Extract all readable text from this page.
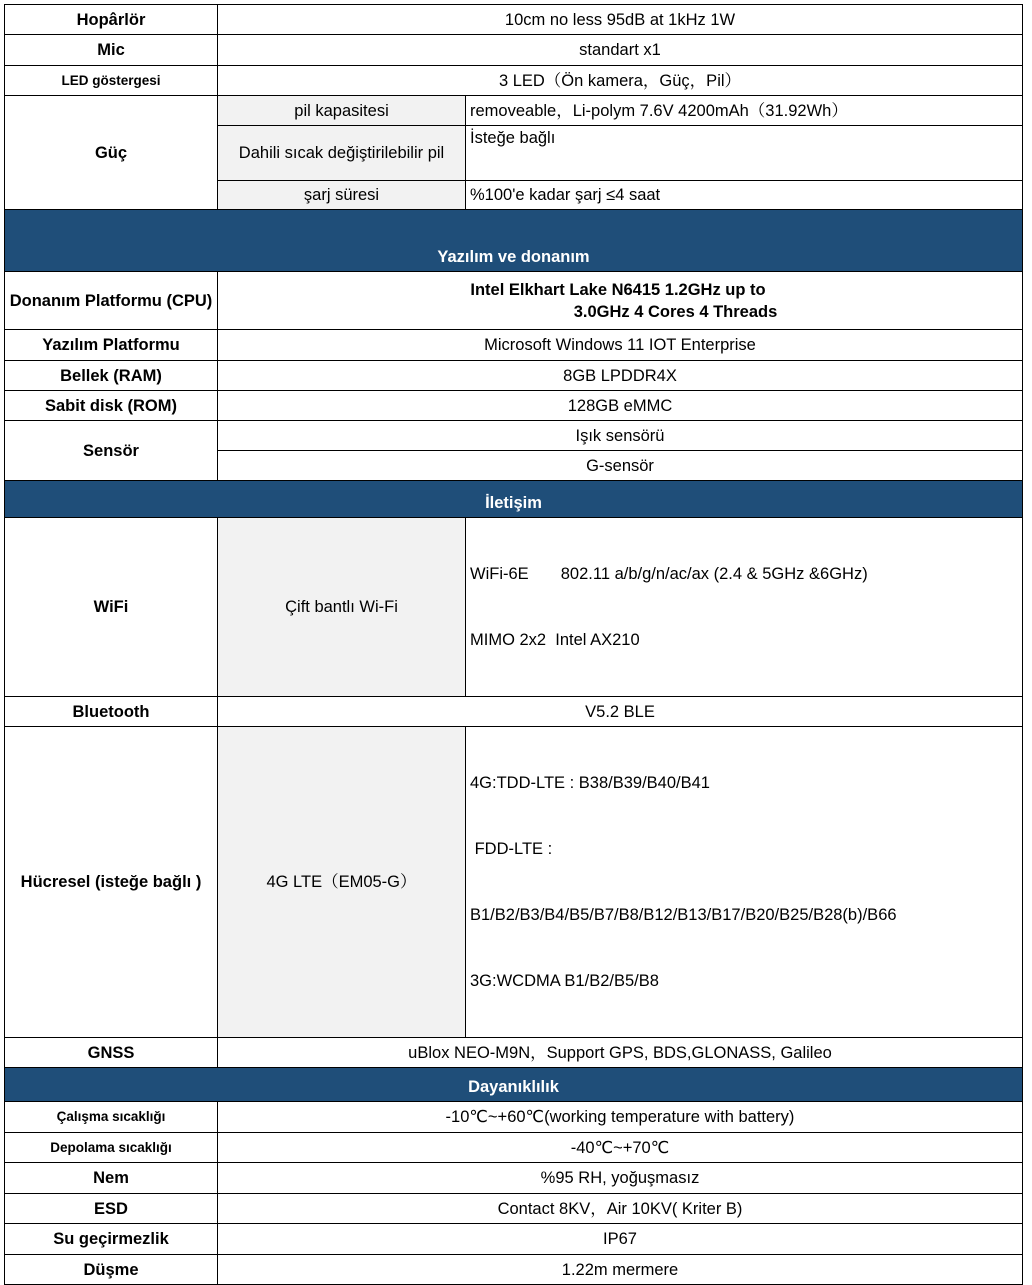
Hopârlör	10cm no less 95dB at 1kHz 1W	
Mic	standart x1	
LED göstergesi	3 LED（Ön kamera，Güç，Pil）	
Güç	pil kapasitesi	removeable，Li-polym 7.6V 4200mAh（31.92Wh）
	Dahili sıcak değiştirilebilir pil	İsteğe bağlı
	şarj süresi	%100'e kadar şarj ≤4 saat
Yazılım ve donanım		
Donanım Platformu (CPU)	Intel Elkhart Lake N6415 1.2GHz up to
3.0GHz 4 Cores 4 Threads	

Yazılım Platformu	Microsoft Windows 11 IOT Enterprise	
Bellek (RAM)	8GB LPDDR4X	
Sabit disk (ROM)	128GB eMMC	
Sensör	Işık sensörü	
	G-sensör	
İletişim		
WiFi	Çift bantlı Wi-Fi	WiFi-6E       802.11 a/b/g/n/ac/ax (2.4 & 5GHz &6GHz)

MIMO 2x2  Intel AX210

Bluetooth	V5.2 BLE	
Hücresel (isteğe bağlı )	4G LTE（EM05-G）	4G:TDD-LTE : B38/B39/B40/B41

FDD-LTE :

B1/B2/B3/B4/B5/B7/B8/B12/B13/B17/B20/B25/B28(b)/B66

3G:WCDMA B1/B2/B5/B8

GNSS	uBlox NEO-M9N，Support GPS, BDS,GLONASS, Galileo	
Dayanıklılık		
Çalışma sıcaklığı	-10℃~+60℃(working temperature with battery)	
Depolama sıcaklığı	-40℃~+70℃	
Nem	%95 RH, yoğuşmasız	
ESD	Contact 8KV，Air 10KV( Kriter B)	
Su geçirmezlik	IP67	
Düşme	1.22m mermere	
